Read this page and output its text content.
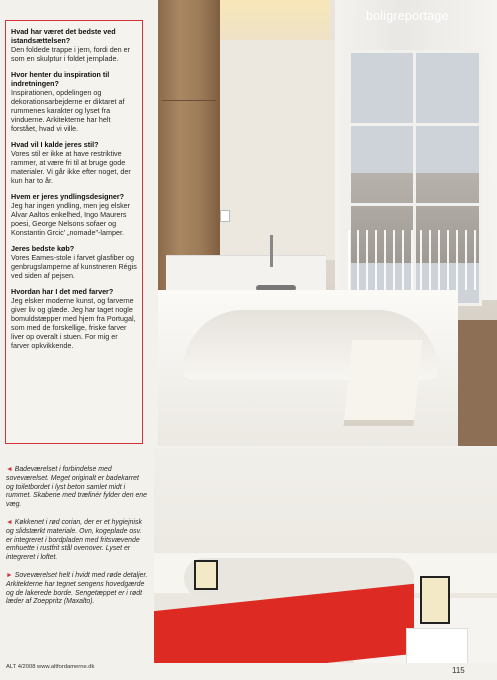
boligreportage

Hvad har været det bedste ved istandsættelsen?
Den foldede trappe i jern, fordi den er som en skulptur i foldet jernplade.

Hvor henter du inspiration til indretningen?
Inspirationen, opdelingen og dekorationsarbejderne er diktaret af rummenes karakter og lyset fra vinduerne. Arkitekterne har helt forstået, hvad vi ville.

Hvad vil I kalde jeres stil?
Vores stil er ikke at have restriktive rammer, at være fri til at bruge gode materialer. Vi går ikke efter noget, der kun har to år.

Hvem er jeres yndlingsdesigner?
Jeg har ingen yndling, men jeg elsker Alvar Aaltos enkelhed, Ingo Maurers poesi, George Nelsons sofaer og Konstantin Grcic' „nomade"-lamper.

Jeres bedste køb?
Vores Eames-stole i farvet glasfiber og genbrugslamperne af kunstneren Régis ved siden af pejsen.

Hvordan har I det med farver?
Jeg elsker moderne kunst, og farverne giver liv og glæde. Jeg har taget nogle bomuldstæpper med hjem fra Portugal, som med de forskellige, friske farver liver op overalt i stuen. For mig er farver opkvikkende.

◄ Badeværelset i forbindelse med soveværelset. Meget originalt er badekarret og toiletbordet i lyst beton samlet midt i rummet. Skabene med træfinér fylder den ene væg.

◄ Køkkenet i rød corian, der er et hygiejnisk og slidstærkt materiale. Ovn, kogeplade osv. er integreret i bordpladen med fritsvævende emhuette i rustfrit stål ovenover. Lyset er integreret i loftet.

► Soveværelset helt i hvidt med røde detaljer. Arkitekterne har tegnet sengens hovedgærde og de lakerede borde. Sengetæppet er i rødt læder af Zoeppritz (Maxalto).

ALT 4/2008 www.altfordamerne.dk	115
